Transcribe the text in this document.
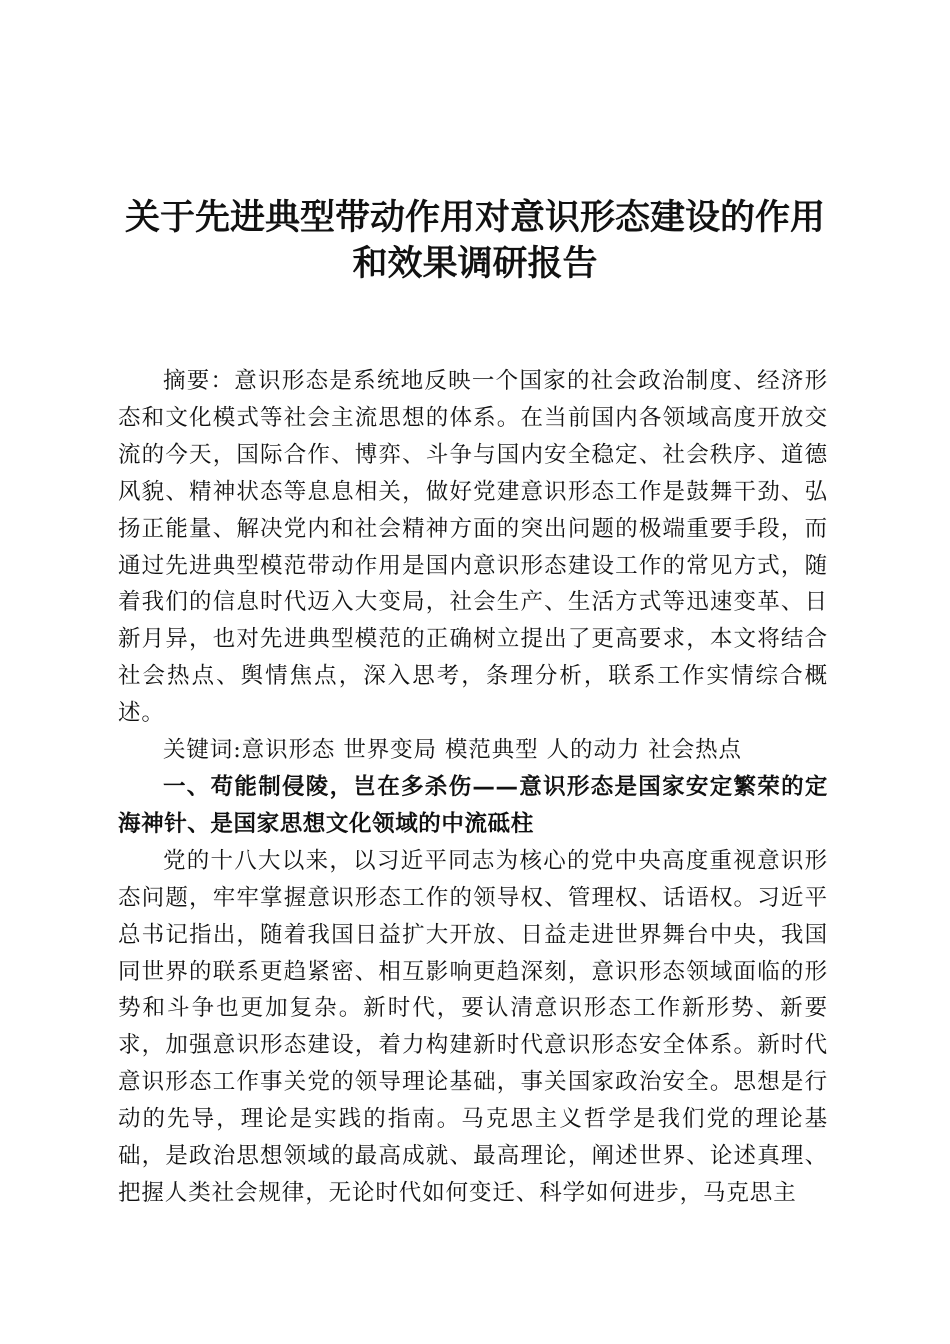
关于先进典型带动作用对意识形态建设的作用
和效果调研报告

摘要：意识形态是系统地反映一个国家的社会政治制度、经济形态和文化模式等社会主流思想的体系。在当前国内各领域高度开放交流的今天，国际合作、博弈、斗争与国内安全稳定、社会秩序、道德风貌、精神状态等息息相关，做好党建意识形态工作是鼓舞干劲、弘扬正能量、解决党内和社会精神方面的突出问题的极端重要手段，而通过先进典型模范带动作用是国内意识形态建设工作的常见方式，随着我们的信息时代迈入大变局，社会生产、生活方式等迅速变革、日新月异，也对先进典型模范的正确树立提出了更高要求，本文将结合社会热点、舆情焦点，深入思考，条理分析，联系工作实情综合概述。

关键词:意识形态 世界变局 模范典型 人的动力 社会热点

一、苟能制侵陵，岂在多杀伤——意识形态是国家安定繁荣的定海神针、是国家思想文化领域的中流砥柱

党的十八大以来，以习近平同志为核心的党中央高度重视意识形态问题，牢牢掌握意识形态工作的领导权、管理权、话语权。习近平总书记指出，随着我国日益扩大开放、日益走进世界舞台中央，我国同世界的联系更趋紧密、相互影响更趋深刻，意识形态领域面临的形势和斗争也更加复杂。新时代，要认清意识形态工作新形势、新要求，加强意识形态建设，着力构建新时代意识形态安全体系。新时代意识形态工作事关党的领导理论基础，事关国家政治安全。思想是行动的先导，理论是实践的指南。马克思主义哲学是我们党的理论基础，是政治思想领域的最高成就、最高理论，阐述世界、论述真理、把握人类社会规律，无论时代如何变迁、科学如何进步，马克思主
